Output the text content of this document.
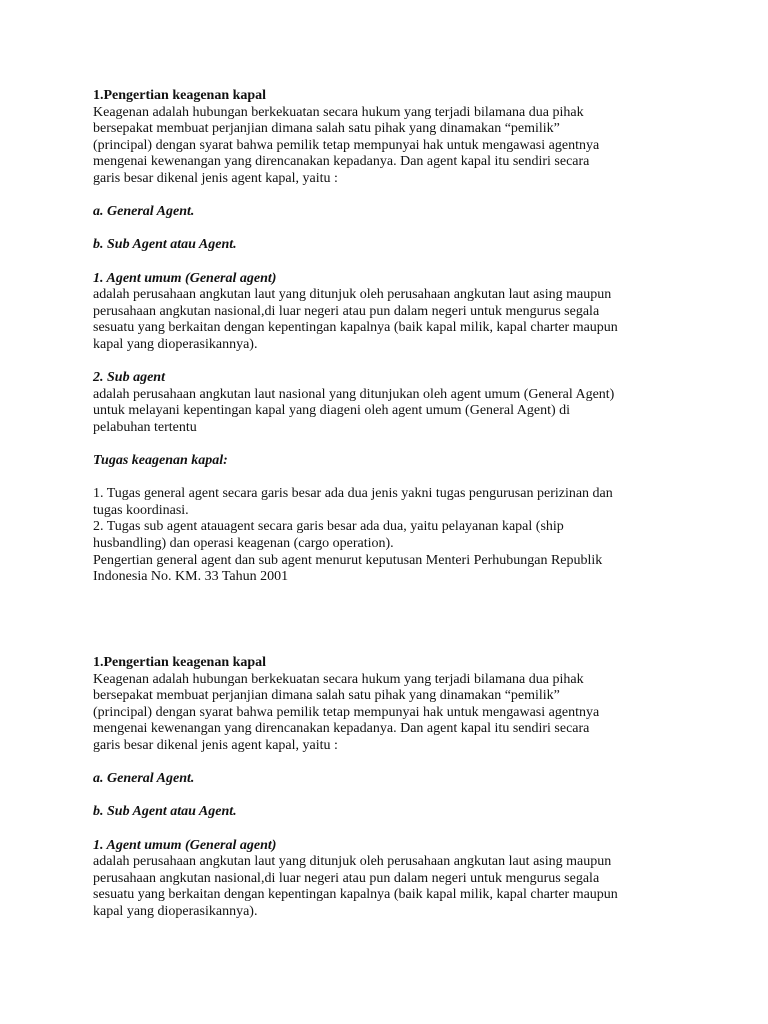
1.Pengertian keagenan kapal
Keagenan adalah hubungan berkekuatan secara hukum yang terjadi bilamana dua pihak
bersepakat membuat perjanjian dimana salah satu pihak yang dinamakan “pemilik”
(principal) dengan syarat bahwa pemilik tetap mempunyai hak untuk mengawasi agentnya
mengenai kewenangan yang direncanakan kepadanya. Dan agent kapal itu sendiri secara
garis besar dikenal jenis agent kapal, yaitu :
a. General Agent.
b. Sub Agent atau Agent.
1. Agent umum (General agent)
adalah perusahaan angkutan laut yang ditunjuk oleh perusahaan angkutan laut asing maupun
perusahaan angkutan nasional,di luar negeri atau pun dalam negeri untuk mengurus segala
sesuatu yang berkaitan dengan kepentingan kapalnya (baik kapal milik, kapal charter maupun
kapal yang dioperasikannya).
2. Sub agent
adalah perusahaan angkutan laut nasional yang ditunjukan oleh agent umum (General Agent)
untuk melayani kepentingan kapal yang diageni oleh agent umum (General Agent) di
pelabuhan tertentu
Tugas keagenan kapal:
1. Tugas general agent secara garis besar ada dua jenis yakni tugas pengurusan perizinan dan
tugas koordinasi.
2. Tugas sub agent atauagent secara garis besar ada dua, yaitu pelayanan kapal (ship
husbandling) dan operasi keagenan (cargo operation).
Pengertian general agent dan sub agent menurut keputusan Menteri Perhubungan Republik
Indonesia No. KM. 33 Tahun 2001
1.Pengertian keagenan kapal
Keagenan adalah hubungan berkekuatan secara hukum yang terjadi bilamana dua pihak
bersepakat membuat perjanjian dimana salah satu pihak yang dinamakan “pemilik”
(principal) dengan syarat bahwa pemilik tetap mempunyai hak untuk mengawasi agentnya
mengenai kewenangan yang direncanakan kepadanya. Dan agent kapal itu sendiri secara
garis besar dikenal jenis agent kapal, yaitu :
a. General Agent.
b. Sub Agent atau Agent.
1. Agent umum (General agent)
adalah perusahaan angkutan laut yang ditunjuk oleh perusahaan angkutan laut asing maupun
perusahaan angkutan nasional,di luar negeri atau pun dalam negeri untuk mengurus segala
sesuatu yang berkaitan dengan kepentingan kapalnya (baik kapal milik, kapal charter maupun
kapal yang dioperasikannya).
